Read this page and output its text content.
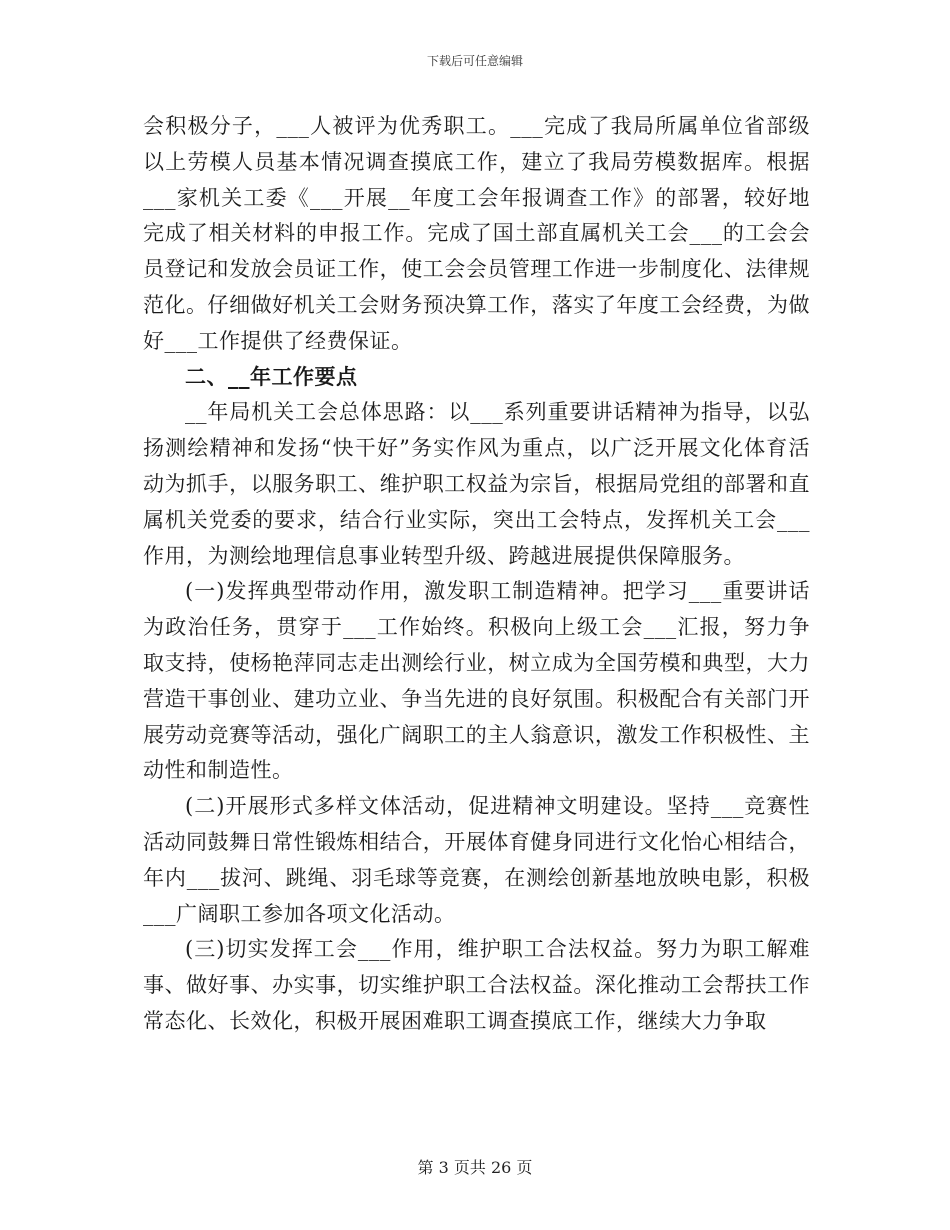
下载后可任意编辑

会积极分子，___人被评为优秀职工。___完成了我局所属单位省部级以上劳模人员基本情况调查摸底工作，建立了我局劳模数据库。根据___家机关工委《___开展__年度工会年报调查工作》的部署，较好地完成了相关材料的申报工作。完成了国土部直属机关工会___的工会会员登记和发放会员证工作，使工会会员管理工作进一步制度化、法律规范化。仔细做好机关工会财务预决算工作，落实了年度工会经费，为做好___工作提供了经费保证。

二、__年工作要点

__年局机关工会总体思路：以___系列重要讲话精神为指导，以弘扬测绘精神和发扬“快干好”务实作风为重点，以广泛开展文化体育活动为抓手，以服务职工、维护职工权益为宗旨，根据局党组的部署和直属机关党委的要求，结合行业实际，突出工会特点，发挥机关工会___作用，为测绘地理信息事业转型升级、跨越进展提供保障服务。

(一)发挥典型带动作用，激发职工制造精神。把学习___重要讲话为政治任务，贯穿于___工作始终。积极向上级工会___汇报，努力争取支持，使杨艳萍同志走出测绘行业，树立成为全国劳模和典型，大力营造干事创业、建功立业、争当先进的良好氛围。积极配合有关部门开展劳动竞赛等活动，强化广阔职工的主人翁意识，激发工作积极性、主动性和制造性。

(二)开展形式多样文体活动，促进精神文明建设。坚持___竞赛性活动同鼓舞日常性锻炼相结合，开展体育健身同进行文化怡心相结合，年内___拔河、跳绳、羽毛球等竞赛，在测绘创新基地放映电影，积极___广阔职工参加各项文化活动。

(三)切实发挥工会___作用，维护职工合法权益。努力为职工解难事、做好事、办实事，切实维护职工合法权益。深化推动工会帮扶工作常态化、长效化，积极开展困难职工调查摸底工作，继续大力争取

第 3 页共 26 页
